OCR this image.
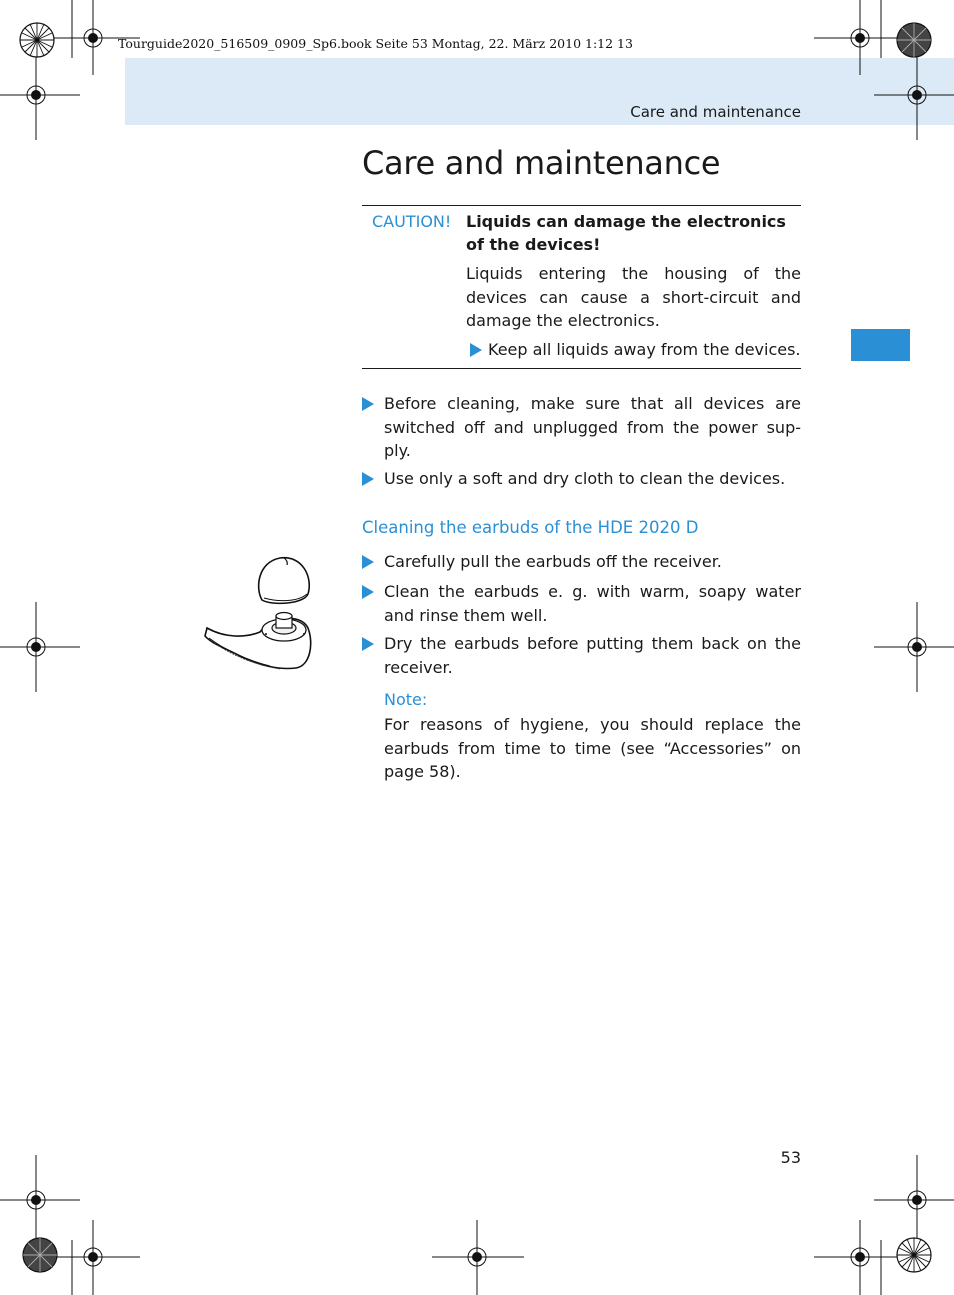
Tourguide2020_516509_0909_Sp6.book Seite 53 Montag, 22. März 2010 1:12 13
Care and maintenance
Care and maintenance
CAUTION! Liquids can damage the electronics of the devices!
Liquids entering the housing of the devices can cause a short-circuit and damage the electronics.
Keep all liquids away from the devices.
Before cleaning, make sure that all devices are switched off and unplugged from the power sup-ply.
Use only a soft and dry cloth to clean the devices.
Cleaning the earbuds of the HDE 2020 D
Carefully pull the earbuds off the receiver.
Clean the earbuds e. g. with warm, soapy water and rinse them well.
Dry the earbuds before putting them back on the receiver.
Note:
For reasons of hygiene, you should replace the earbuds from time to time (see “Accessories” on page 58).
53
